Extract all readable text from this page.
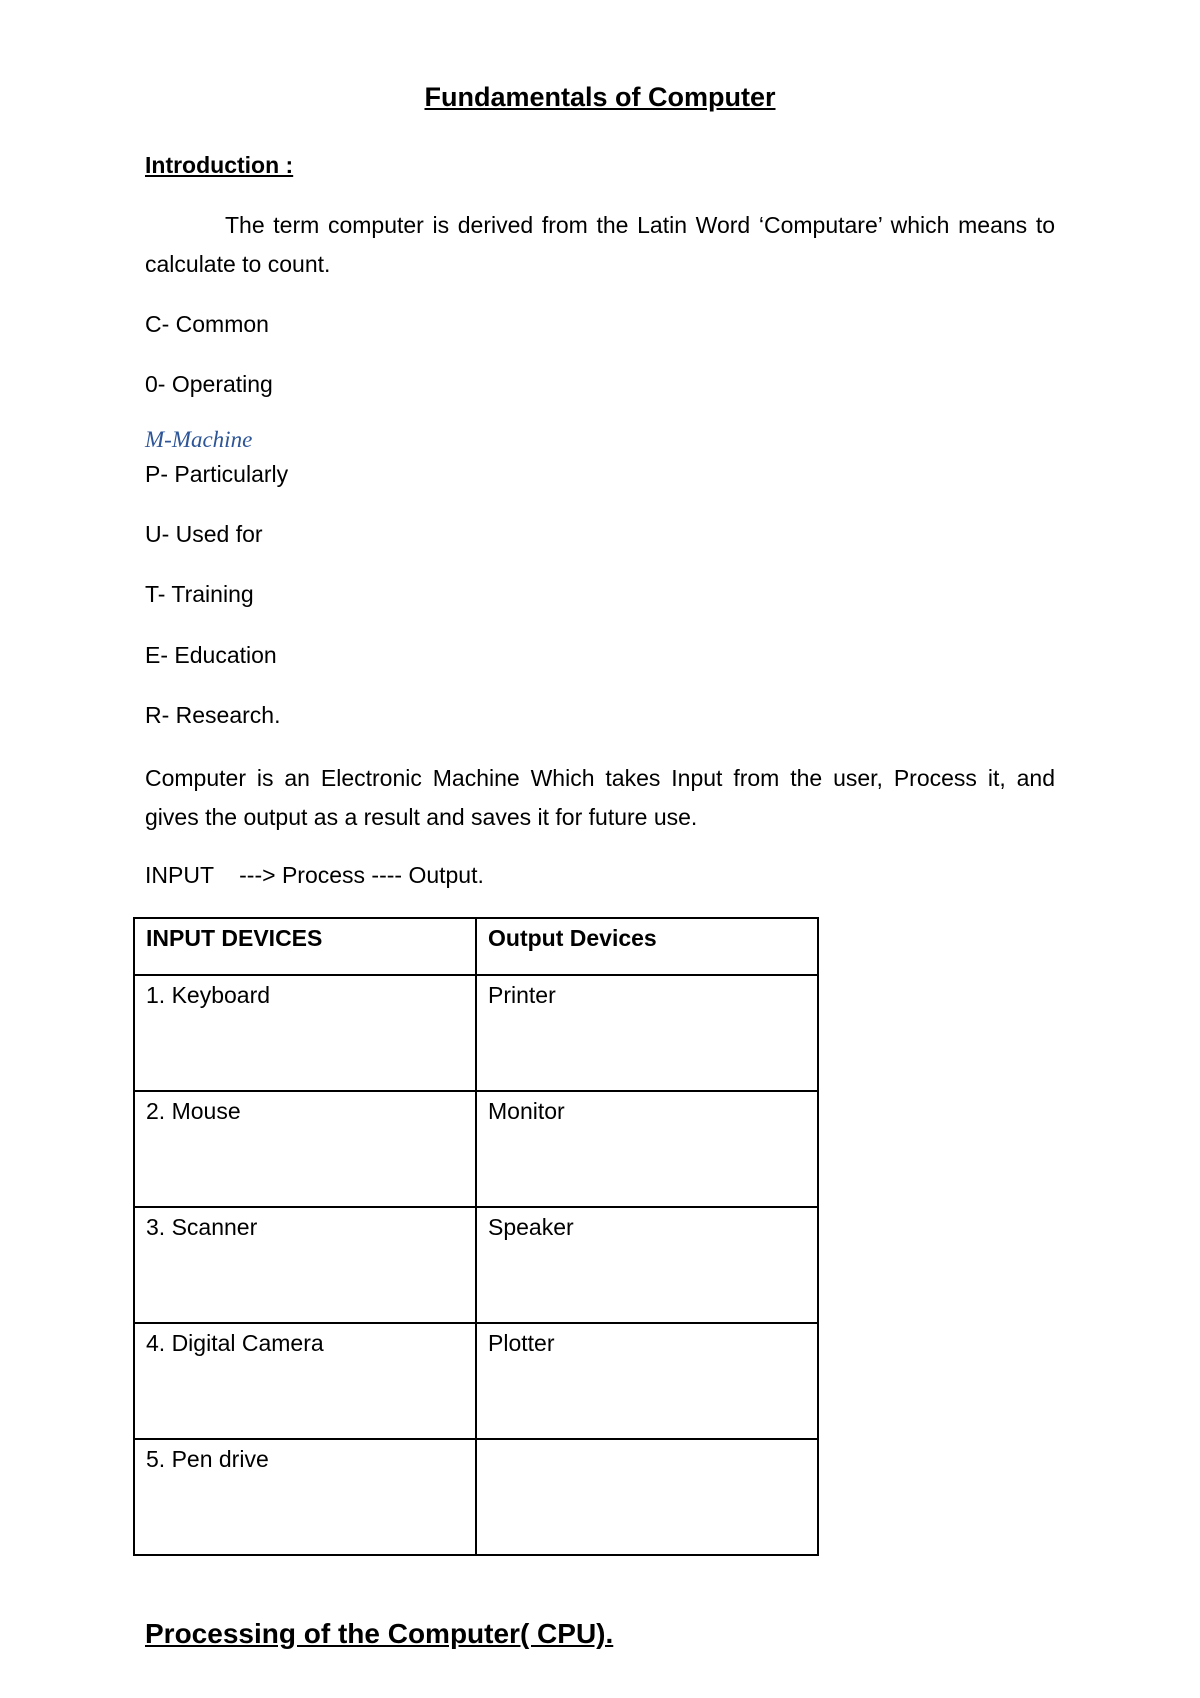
Fundamentals of Computer
Introduction :
The term computer is derived from the Latin Word ‘Computare’ which means to calculate to count.
C- Common
0- Operating
M-Machine
P- Particularly
U- Used for
T- Training
E- Education
R- Research.
Computer is an Electronic Machine Which takes Input from the user, Process it, and gives the output as a result and saves it for future use.
INPUT    ---> Process ---- Output.
INPUT DEVICES	Output Devices
1. Keyboard	Printer
2. Mouse	Monitor
3. Scanner	Speaker
4. Digital Camera	Plotter
5. Pen drive	
Processing of the Computer( CPU).
